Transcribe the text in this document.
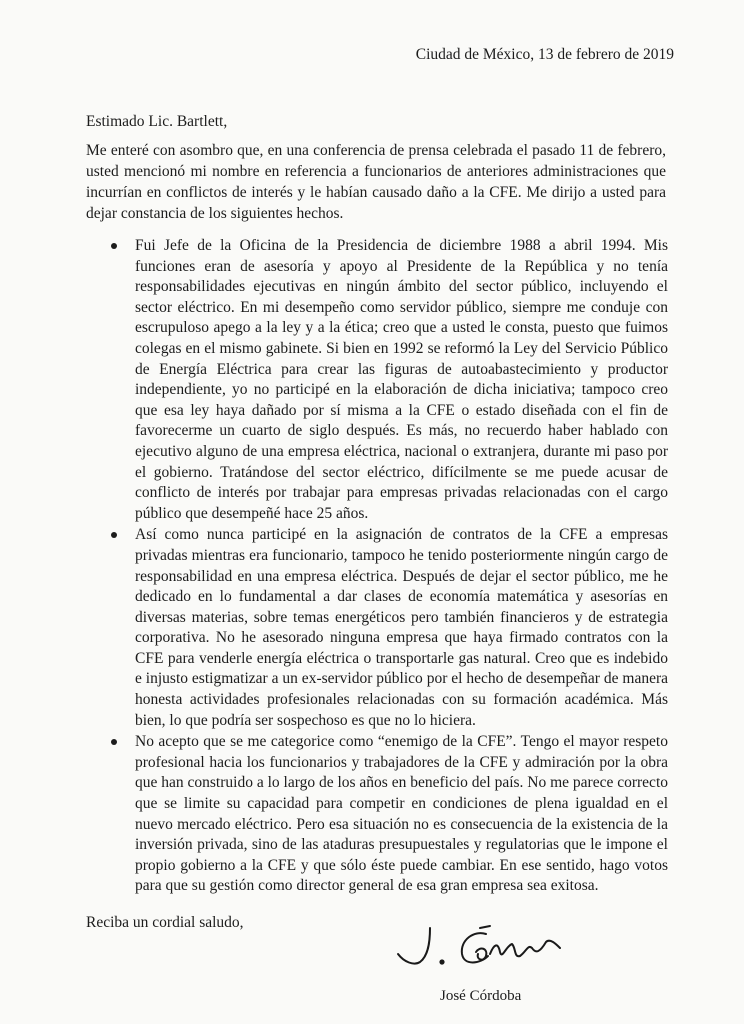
Ciudad de México, 13 de febrero de 2019
Estimado Lic. Bartlett,

Me enteré con asombro que, en una conferencia de prensa celebrada el pasado 11 de febrero, usted mencionó mi nombre en referencia a funcionarios de anteriores administraciones que incurrían en conflictos de interés y le habían causado daño a la CFE. Me dirijo a usted para dejar constancia de los siguientes hechos.

Fui Jefe de la Oficina de la Presidencia de diciembre 1988 a abril 1994. Mis funciones eran de asesoría y apoyo al Presidente de la República y no tenía responsabilidades ejecutivas en ningún ámbito del sector público, incluyendo el sector eléctrico. En mi desempeño como servidor público, siempre me conduje con escrupuloso apego a la ley y a la ética; creo que a usted le consta, puesto que fuimos colegas en el mismo gabinete. Si bien en 1992 se reformó la Ley del Servicio Público de Energía Eléctrica para crear las figuras de autoabastecimiento y productor independiente, yo no participé en la elaboración de dicha iniciativa; tampoco creo que esa ley haya dañado por sí misma a la CFE o estado diseñada con el fin de favorecerme un cuarto de siglo después. Es más, no recuerdo haber hablado con ejecutivo alguno de una empresa eléctrica, nacional o extranjera, durante mi paso por el gobierno. Tratándose del sector eléctrico, difícilmente se me puede acusar de conflicto de interés por trabajar para empresas privadas relacionadas con el cargo público que desempeñé hace 25 años.
Así como nunca participé en la asignación de contratos de la CFE a empresas privadas mientras era funcionario, tampoco he tenido posteriormente ningún cargo de responsabilidad en una empresa eléctrica. Después de dejar el sector público, me he dedicado en lo fundamental a dar clases de economía matemática y asesorías en diversas materias, sobre temas energéticos pero también financieros y de estrategia corporativa. No he asesorado ninguna empresa que haya firmado contratos con la CFE para venderle energía eléctrica o transportarle gas natural. Creo que es indebido e injusto estigmatizar a un ex-servidor público por el hecho de desempeñar de manera honesta actividades profesionales relacionadas con su formación académica. Más bien, lo que podría ser sospechoso es que no lo hiciera.
No acepto que se me categorice como “enemigo de la CFE”. Tengo el mayor respeto profesional hacia los funcionarios y trabajadores de la CFE y admiración por la obra que han construido a lo largo de los años en beneficio del país. No me parece correcto que se limite su capacidad para competir en condiciones de plena igualdad en el nuevo mercado eléctrico. Pero esa situación no es consecuencia de la existencia de la inversión privada, sino de las ataduras presupuestales y regulatorias que le impone el propio gobierno a la CFE y que sólo éste puede cambiar. En ese sentido, hago votos para que su gestión como director general de esa gran empresa sea exitosa.
Reciba un cordial saludo,
José Córdoba
